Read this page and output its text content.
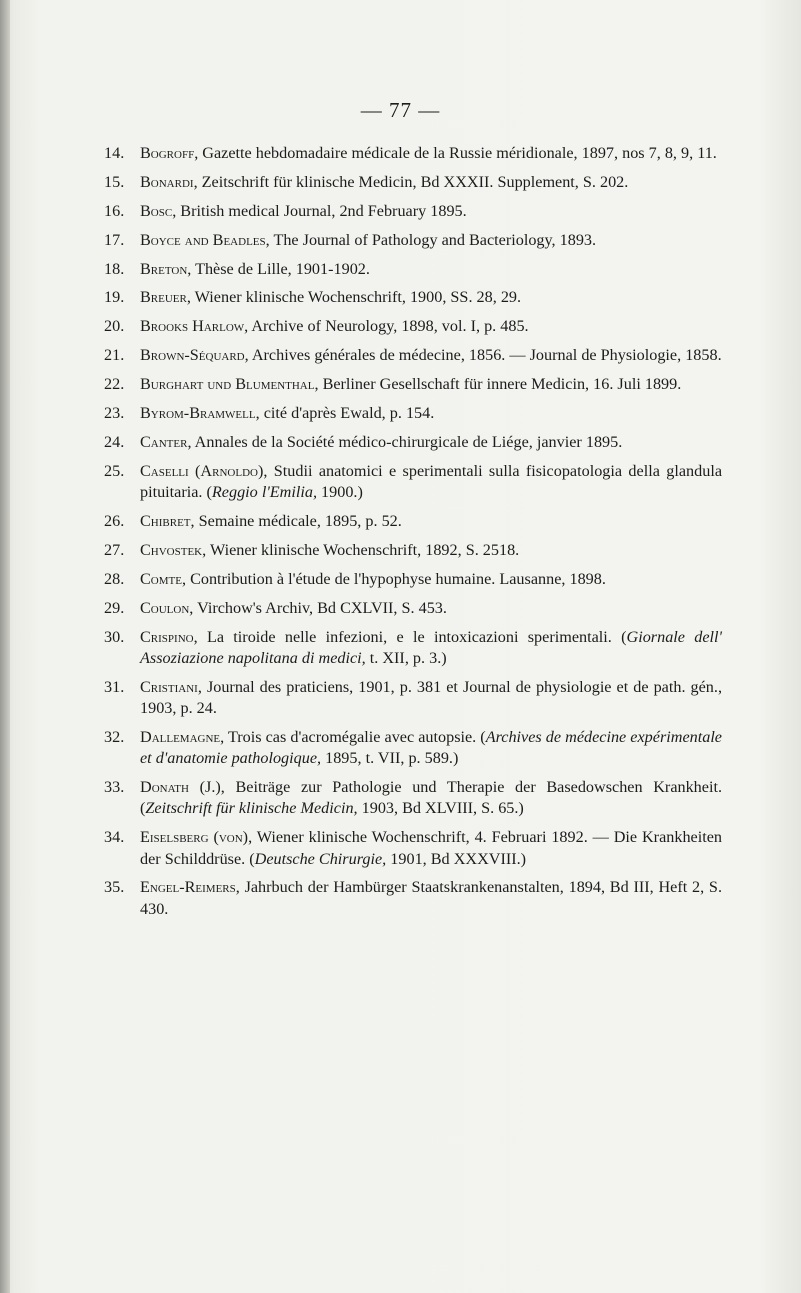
— 77 —
14. Bogroff, Gazette hebdomadaire médicale de la Russie méridionale, 1897, nos 7, 8, 9, 11.
15. Bonardi, Zeitschrift für klinische Medicin, Bd XXXII. Supplement, S. 202.
16. Bosc, British medical Journal, 2nd February 1895.
17. Boyce and Beadles, The Journal of Pathology and Bacteriology, 1893.
18. Breton, Thèse de Lille, 1901-1902.
19. Breuer, Wiener klinische Wochenschrift, 1900, SS. 28, 29.
20. Brooks Harlow, Archive of Neurology, 1898, vol. I, p. 485.
21. Brown-Séquard, Archives générales de médecine, 1856. — Journal de Physiologie, 1858.
22. Burghart und Blumenthal, Berliner Gesellschaft für innere Medicin, 16. Juli 1899.
23. Byrom-Bramwell, cité d'après Ewald, p. 154.
24. Canter, Annales de la Société médico-chirurgicale de Liége, janvier 1895.
25. Caselli (Arnoldo), Studii anatomici e sperimentali sulla fisicopatologia della glandula pituitaria. (Reggio l'Emilia, 1900.)
26. Chibret, Semaine médicale, 1895, p. 52.
27. Chvostek, Wiener klinische Wochenschrift, 1892, S. 2518.
28. Comte, Contribution à l'étude de l'hypophyse humaine. Lausanne, 1898.
29. Coulon, Virchow's Archiv, Bd CXLVII, S. 453.
30. Crispino, La tiroide nelle infezioni, e le intoxicazioni sperimentali. (Giornale dell' Assoziazione napolitana di medici, t. XII, p. 3.)
31. Cristiani, Journal des praticiens, 1901, p. 381 et Journal de physiologie et de path. gén., 1903, p. 24.
32. Dallemagne, Trois cas d'acromégalie avec autopsie. (Archives de médecine expérimentale et d'anatomie pathologique, 1895, t. VII, p. 589.)
33. Donath (J.), Beiträge zur Pathologie und Therapie der Basedowschen Krankheit. (Zeitschrift für klinische Medicin, 1903, Bd XLVIII, S. 65.)
34. Eiselsberg (von), Wiener klinische Wochenschrift, 4. Februari 1892. — Die Krankheiten der Schilddrüse. (Deutsche Chirurgie, 1901, Bd XXXVIII.)
35. Engel-Reimers, Jahrbuch der Hambürger Staatskrankenanstalten, 1894, Bd III, Heft 2, S. 430.
